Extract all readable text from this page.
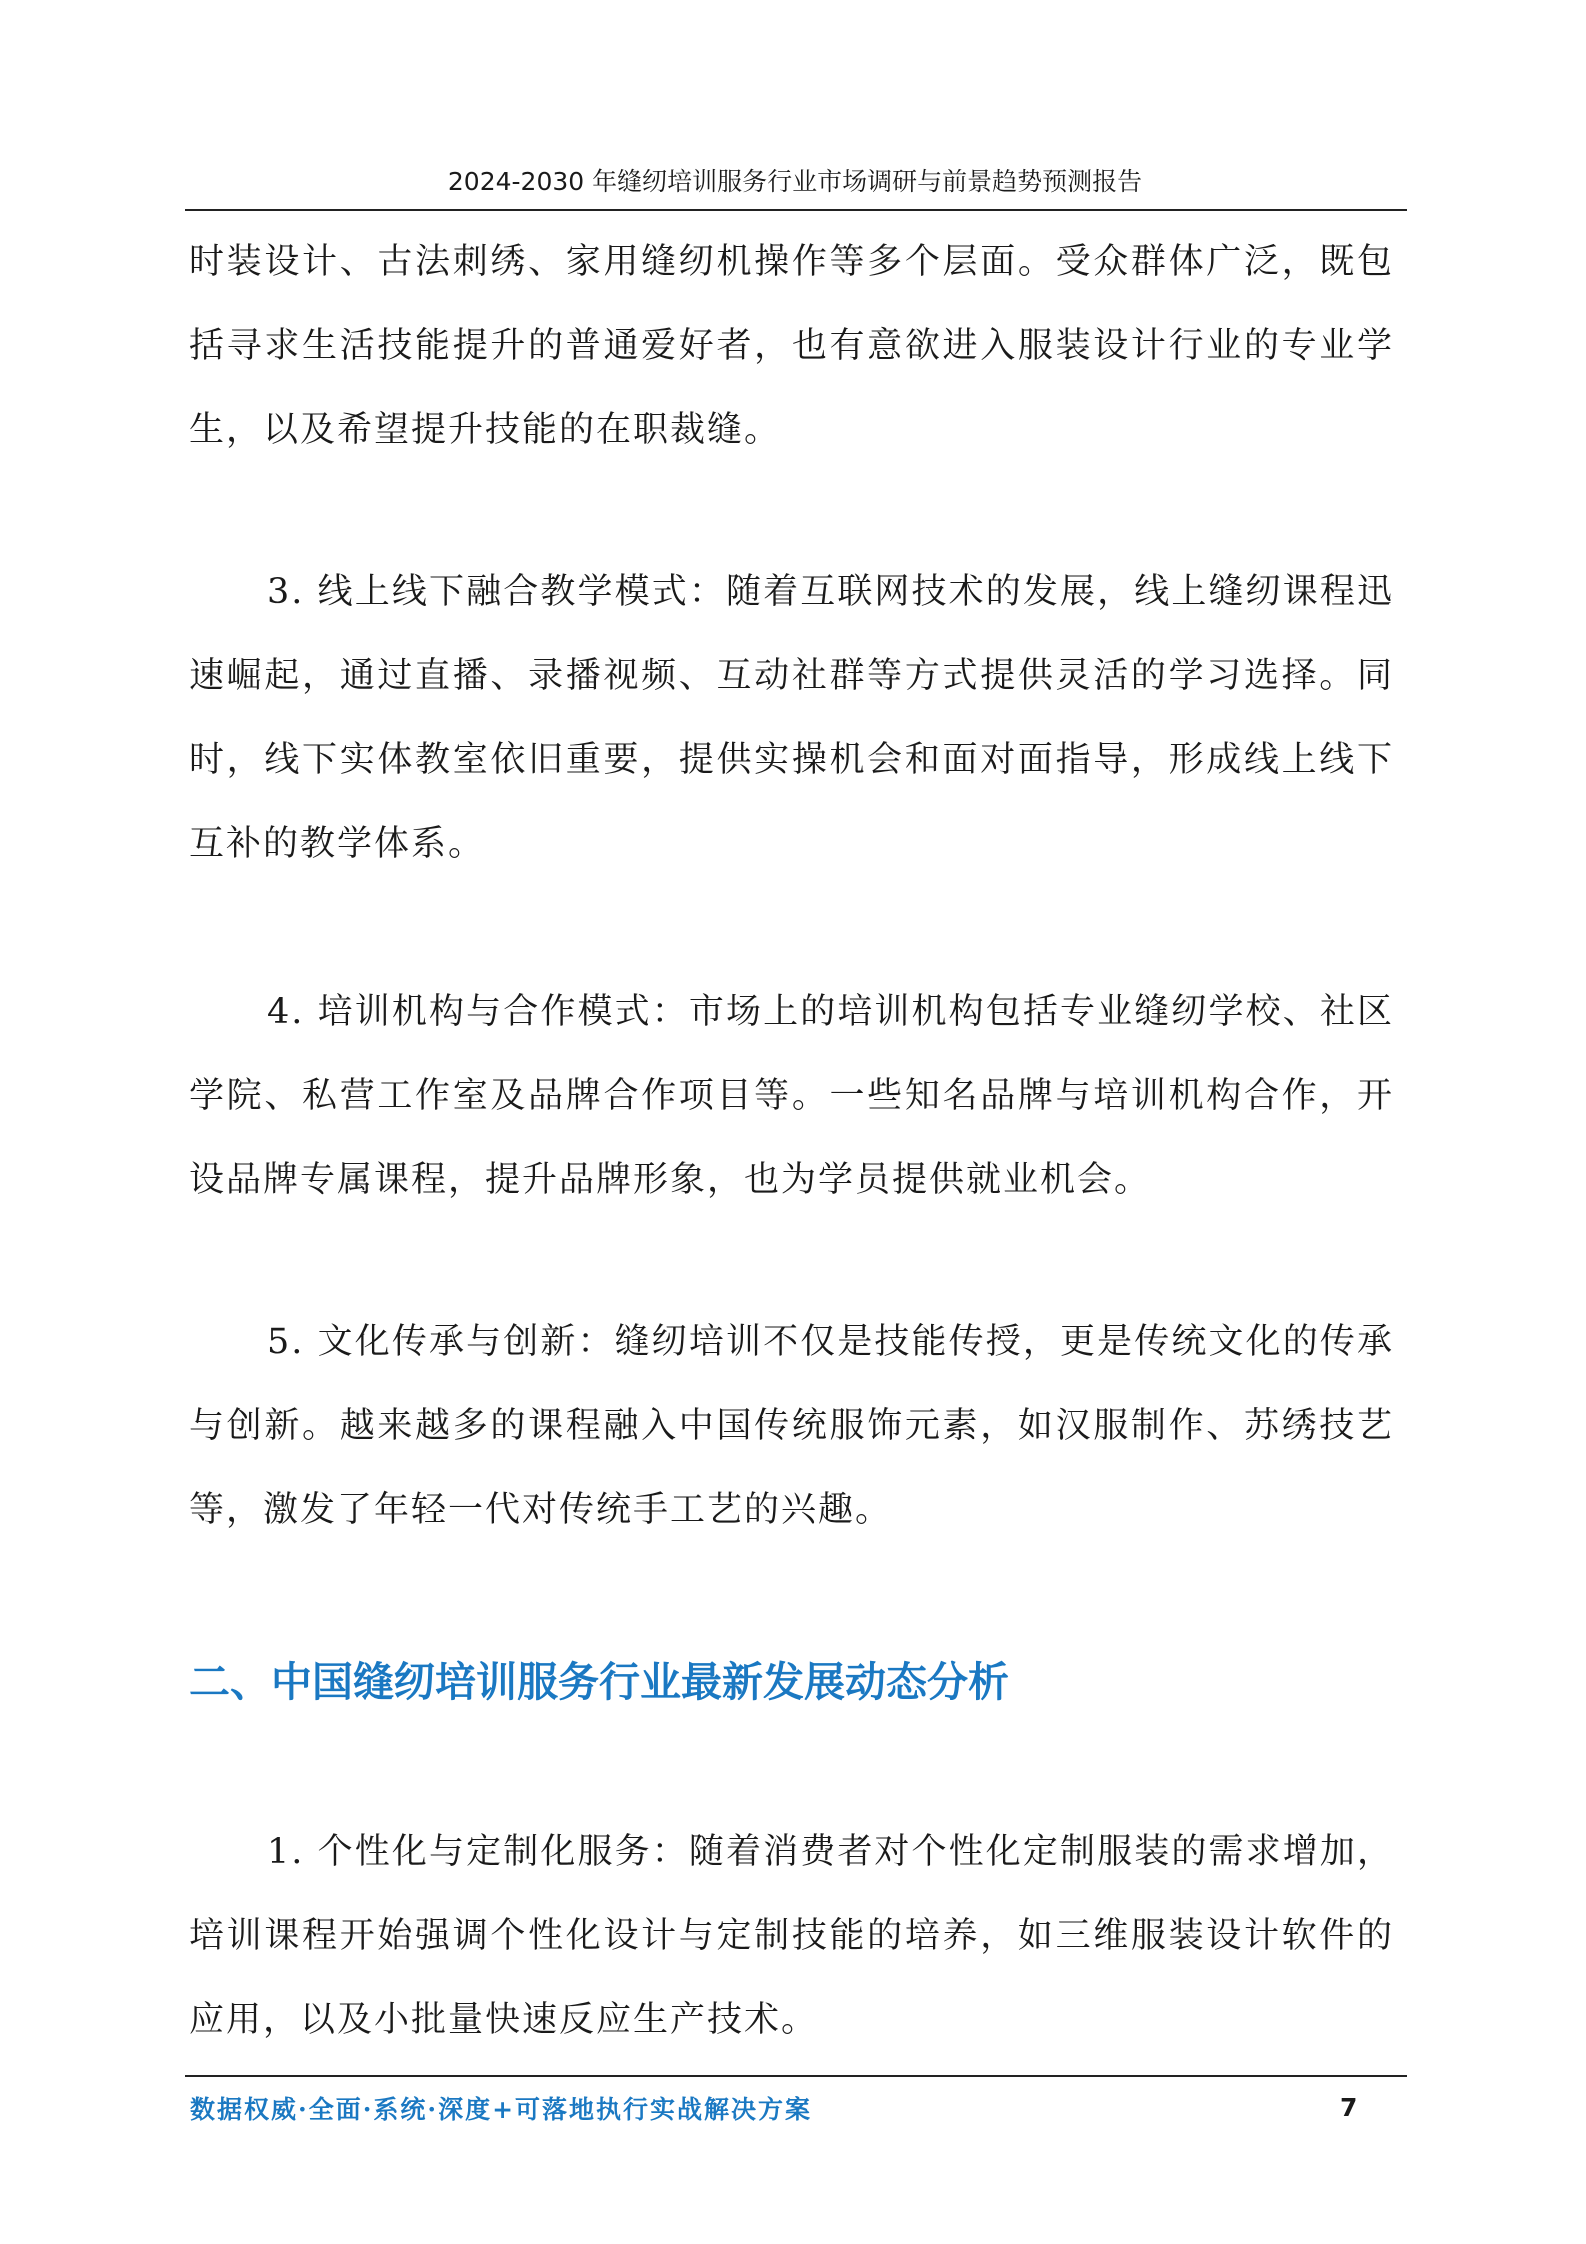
2024-2030 年缝纫培训服务行业市场调研与前景趋势预测报告

时装设计、古法刺绣、家用缝纫机操作等多个层面。受众群体广泛，既包括寻求生活技能提升的普通爱好者，也有意欲进入服装设计行业的专业学生，以及希望提升技能的在职裁缝。

3. 线上线下融合教学模式：随着互联网技术的发展，线上缝纫课程迅速崛起，通过直播、录播视频、互动社群等方式提供灵活的学习选择。同时，线下实体教室依旧重要，提供实操机会和面对面指导，形成线上线下互补的教学体系。

4. 培训机构与合作模式：市场上的培训机构包括专业缝纫学校、社区学院、私营工作室及品牌合作项目等。一些知名品牌与培训机构合作，开设品牌专属课程，提升品牌形象，也为学员提供就业机会。

5. 文化传承与创新：缝纫培训不仅是技能传授，更是传统文化的传承与创新。越来越多的课程融入中国传统服饰元素，如汉服制作、苏绣技艺等，激发了年轻一代对传统手工艺的兴趣。

二、中国缝纫培训服务行业最新发展动态分析

1. 个性化与定制化服务：随着消费者对个性化定制服装的需求增加，培训课程开始强调个性化设计与定制技能的培养，如三维服装设计软件的应用，以及小批量快速反应生产技术。

数据权威·全面·系统·深度+可落地执行实战解决方案	7
